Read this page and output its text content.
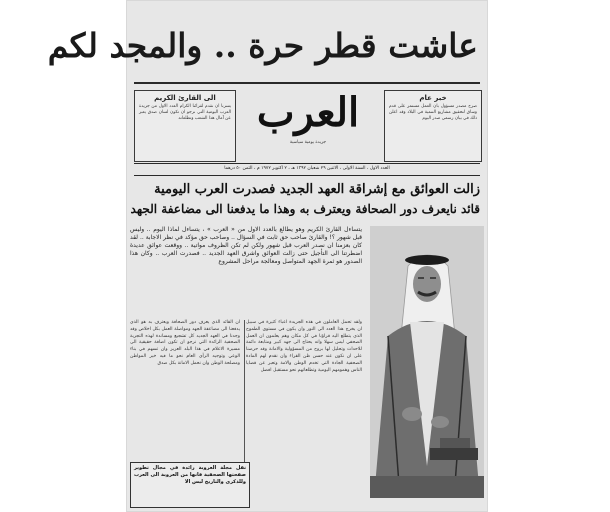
عاشت قطر حرة .. والمجد لكم
الى القارئ الكريم
يسرنا ان نقدم لقرائنا الكرام العدد الاول من جريدة العرب اليومية التي نرجو ان تكون لسان صدق يعبر عن آمال هذا الشعب وتطلعاته العرب
جريدة يومية سياسية
خبر عام
صرح مصدر مسؤول بان العمل مستمر على قدم وساق لتحقيق مشاريع التنمية في البلاد وقد اعلن ذلك في بيان رسمي صدر اليوم
العدد الاول ، السنة الاولى ، الاثنين ٢٩ شعبان ١٣٩٢ هـ ، ٢ اكتوبر ١٩٧٢ م ، الثمن ٥٠ درهما
زالت العوائق مع إشراقة العهد الجديد فصدرت العرب اليومية
قائد نايعرف دور الصحافة ويعترف به وهذا ما يدفعنا الى مضاعفة الجهد
يتساءل القارئ الكريم وهو يطالع بالعدد الاول من « العرب » ، يتساءل لماذا اليوم .. وليس قبل شهور ؟! والقارئ صاحب حق ثابت في السؤال .. وصاحب حق مؤكد في نظر الاجابة .. لقد كان بعزمنا ان نصدر العرب قبل شهور ولكن لم تكن الظروف مواتية .. ووقعت عوائق عديدة اضطرتنا الى التأجيل حتى زالت العوائق واشرق العهد الجديد .. فصدرت العرب .. وكان هذا الصدور هو ثمرة الجهد المتواصل ومعالجة مراحل المشروع
ولقد تحمل العاملون في هذه الجريدة اعباء كثيرة في سبيل ان يخرج هذا العدد الى النور وان يكون في مستوى الطموح الذي يتطلع اليه قراؤنا في كل مكان وهم يعلمون ان العمل الصحفي ليس سهلا وانه يحتاج الى جهد كبير ومتابعة دائمة للاحداث وتحليل لها بروح من المسؤولية والامانة وقد حرصنا على ان نكون عند حسن ظن القراء وان نقدم لهم المادة الصحفية الجادة التي تخدم الوطن والامة وتعبر عن قضايا الناس وهمومهم اليومية وتطلعاتهم نحو مستقبل افضل
ان القائد الذي يعرف دور الصحافة ويعترف به هو الذي يدفعنا الى مضاعفة الجهد ومواصلة العمل بكل اخلاص وقد وجدنا في العهد الجديد كل تشجيع ومساندة لهذه التجربة الصحفية الرائدة التي نرجو ان تكون اضافة حقيقية الى مسيرة الاعلام في هذا البلد العزيز وان تسهم في بناء الوعي وتوجيه الرأي العام نحو ما فيه خير المواطن ومصلحة الوطن وان نحمل الامانة بكل صدق
نقل مجلة العروبة رائدة في مجال تطوير صفحتها الصحفية فانها من العروبة الى العرب وللذكرى والتاريخ ليس الا
